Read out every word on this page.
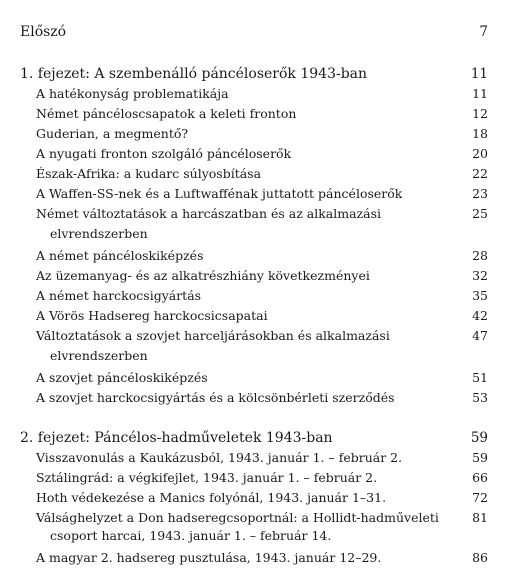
Előszó	7
1. fejezet: A szembenálló páncéloserők 1943-ban	11
A hatékonyság problematikája	11
Német páncéloscsapatok a keleti fronton	12
Guderian, a megmentő?	18
A nyugati fronton szolgáló páncéloserők	20
Észak-Afrika: a kudarc súlyosbítása	22
A Waffen-SS-nek és a Luftwaffénak juttatott páncéloserők	23
Német változtatások a harcászatban és az alkalmazási	25
elvrendszerben
A német páncéloskiképzés	28
Az üzemanyag- és az alkatrészhiány következményei	32
A német harckocsigyártás	35
A Vörös Hadsereg harckocsicsapatai	42
Változtatások a szovjet harceljárásokban és alkalmazási	47
elvrendszerben
A szovjet páncéloskiképzés	51
A szovjet harckocsigyártás és a kölcsönbérleti szerződés	53
2. fejezet: Páncélos-hadműveletek 1943-ban	59
Visszavonulás a Kaukázusból, 1943. január 1. – február 2.	59
Sztálingrád: a végkifejlet, 1943. január 1. – február 2.	66
Hoth védekezése a Manics folyónál, 1943. január 1–31.	72
Válsághelyzet a Don hadseregcsoportnál: a Hollidt-hadműveleti	81
csoport harcai, 1943. január 1. – február 14.
A magyar 2. hadsereg pusztulása, 1943. január 12–29.	86
